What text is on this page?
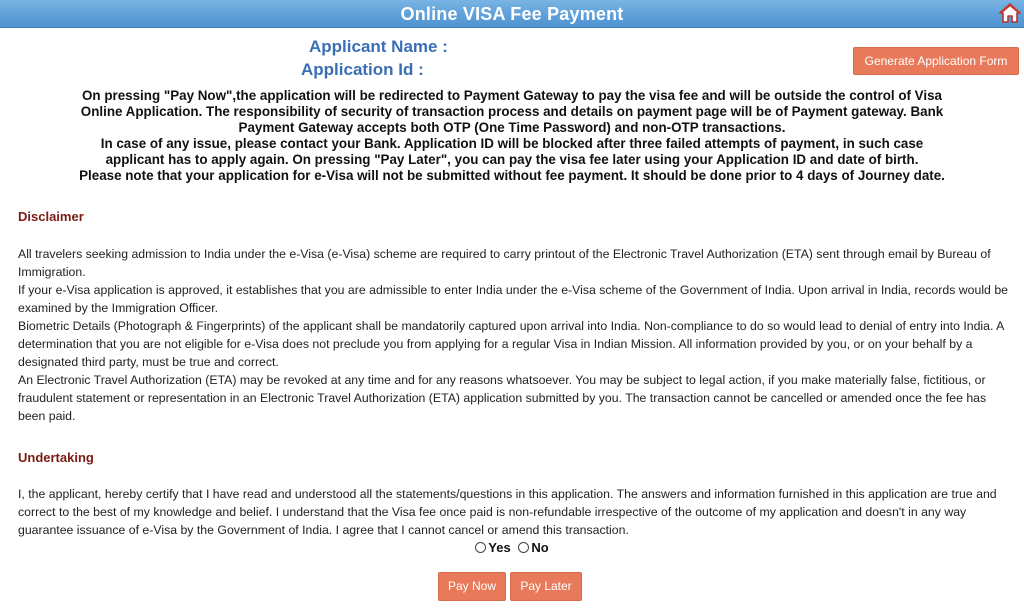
Online VISA Fee Payment
Applicant Name :
Application Id :	Generate Application Form

On pressing "Pay Now",the application will be redirected to Payment Gateway to pay the visa fee and will be outside the control of Visa

Online Application. The responsibility of security of transaction process and details on payment page will be of Payment gateway. Bank

Payment Gateway accepts both OTP (One Time Password) and non-OTP transactions.

In case of any issue, please contact your Bank. Application ID will be blocked after three failed attempts of payment, in such case

applicant has to apply again. On pressing "Pay Later", you can pay the visa fee later using your Application ID and date of birth.

Please note that your application for e-Visa will not be submitted without fee payment. It should be done prior to 4 days of Journey date.

Disclaimer

All travelers seeking admission to India under the e-Visa (e-Visa) scheme are required to carry printout of the Electronic Travel Authorization (ETA) sent through email by Bureau of Immigration.

If your e-Visa application is approved, it establishes that you are admissible to enter India under the e-Visa scheme of the Government of India. Upon arrival in India, records would be examined by the Immigration Officer.

Biometric Details (Photograph & Fingerprints) of the applicant shall be mandatorily captured upon arrival into India. Non-compliance to do so would lead to denial of entry into India. A determination that you are not eligible for e-Visa does not preclude you from applying for a regular Visa in Indian Mission. All information provided by you, or on your behalf by a designated third party, must be true and correct.

An Electronic Travel Authorization (ETA) may be revoked at any time and for any reasons whatsoever. You may be subject to legal action, if you make materially false, fictitious, or fraudulent statement or representation in an Electronic Travel Authorization (ETA) application submitted by you. The transaction cannot be cancelled or amended once the fee has been paid.

Undertaking

I, the applicant, hereby certify that I have read and understood all the statements/questions in this application. The answers and information furnished in this application are true and correct to the best of my knowledge and belief. I understand that the Visa fee once paid is non-refundable irrespective of the outcome of my application and doesn't in any way guarantee issuance of e-Visa by the Government of India. I agree that I cannot cancel or amend this transaction.

Yes No
Pay Now	Pay Later
